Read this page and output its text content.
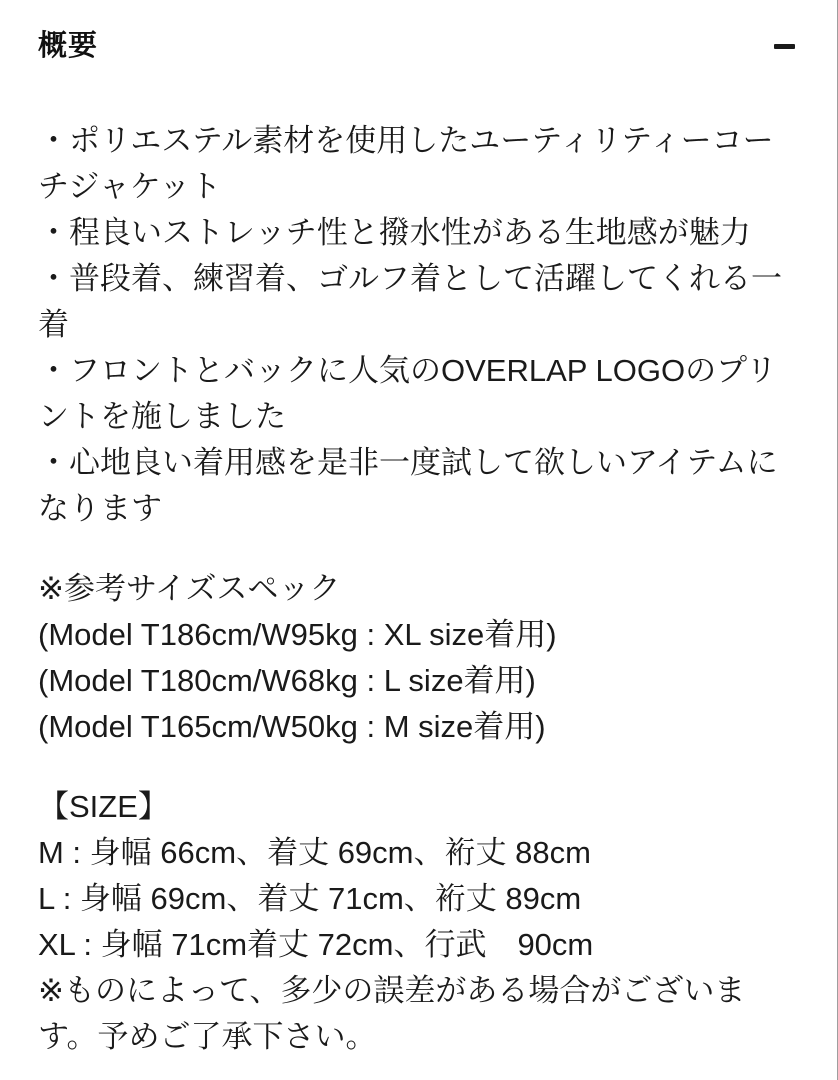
概要
・ポリエステル素材を使用したユーティリティーコー
チジャケット
・程良いストレッチ性と撥水性がある生地感が魅力
・普段着、練習着、ゴルフ着として活躍してくれる一
着
・フロントとバックに人気のOVERLAP LOGOのプリ
ントを施しました
・心地良い着用感を是非一度試して欲しいアイテムに
なります
※参考サイズスペック
(Model T186cm/W95kg : XL size着用)
(Model T180cm/W68kg : L size着用)
(Model T165cm/W50kg : M size着用)
【SIZE】
M : 身幅 66cm、着丈 69cm、裄丈 88cm
L : 身幅 69cm、着丈 71cm、裄丈 89cm
XL : 身幅 71cm着丈 72cm、行武　90cm
※ものによって、多少の誤差がある場合がございま
す。予めご了承下さい。
